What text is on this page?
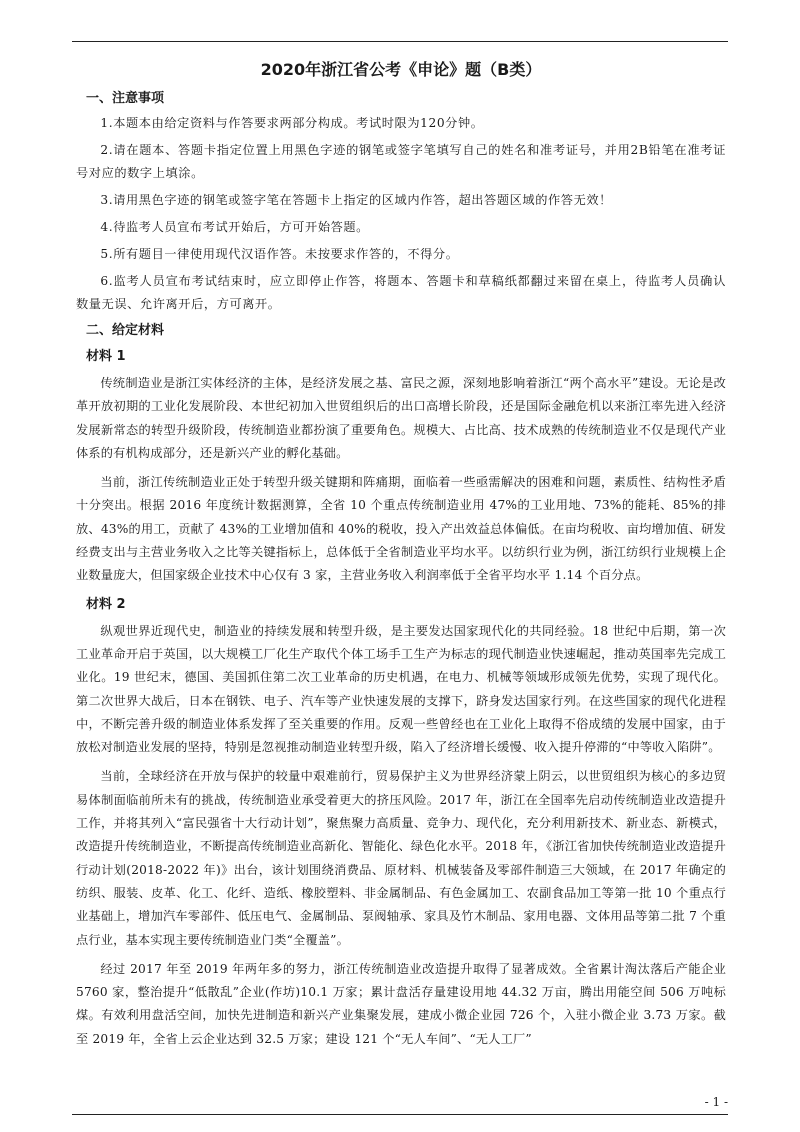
2020年浙江省公考《申论》题（B类）
一、注意事项

1.本题本由给定资料与作答要求两部分构成。考试时限为120分钟。

2.请在题本、答题卡指定位置上用黑色字迹的钢笔或签字笔填写自己的姓名和准考证号，并用2B铅笔在准考证号对应的数字上填涂。

3.请用黑色字迹的钢笔或签字笔在答题卡上指定的区域内作答，超出答题区域的作答无效！

4.待监考人员宣布考试开始后，方可开始答题。

5.所有题目一律使用现代汉语作答。未按要求作答的，不得分。

6.监考人员宣布考试结束时，应立即停止作答，将题本、答题卡和草稿纸都翻过来留在桌上，待监考人员确认数量无误、允许离开后，方可离开。

二、给定材料
材料 1

传统制造业是浙江实体经济的主体，是经济发展之基、富民之源，深刻地影响着浙江“两个高水平”建设。无论是改革开放初期的工业化发展阶段、本世纪初加入世贸组织后的出口高增长阶段，还是国际金融危机以来浙江率先进入经济发展新常态的转型升级阶段，传统制造业都扮演了重要角色。规模大、占比高、技术成熟的传统制造业不仅是现代产业体系的有机构成部分，还是新兴产业的孵化基础。

当前，浙江传统制造业正处于转型升级关键期和阵痛期，面临着一些亟需解决的困难和问题，素质性、结构性矛盾十分突出。根据 2016 年度统计数据测算，全省 10 个重点传统制造业用 47%的工业用地、73%的能耗、85%的排放、43%的用工，贡献了 43%的工业增加值和 40%的税收，投入产出效益总体偏低。在亩均税收、亩均增加值、研发经费支出与主营业务收入之比等关键指标上，总体低于全省制造业平均水平。以纺织行业为例，浙江纺织行业规模上企业数量庞大，但国家级企业技术中心仅有 3 家，主营业务收入利润率低于全省平均水平 1.14 个百分点。

材料 2

纵观世界近现代史，制造业的持续发展和转型升级，是主要发达国家现代化的共同经验。18 世纪中后期，第一次工业革命开启于英国，以大规模工厂化生产取代个体工场手工生产为标志的现代制造业快速崛起，推动英国率先完成工业化。19 世纪末，德国、美国抓住第二次工业革命的历史机遇，在电力、机械等领域形成领先优势，实现了现代化。第二次世界大战后，日本在钢铁、电子、汽车等产业快速发展的支撑下，跻身发达国家行列。在这些国家的现代化进程中，不断完善升级的制造业体系发挥了至关重要的作用。反观一些曾经也在工业化上取得不俗成绩的发展中国家，由于放松对制造业发展的坚持，特别是忽视推动制造业转型升级，陷入了经济增长缓慢、收入提升停滞的“中等收入陷阱”。

当前，全球经济在开放与保护的较量中艰难前行，贸易保护主义为世界经济蒙上阴云，以世贸组织为核心的多边贸易体制面临前所未有的挑战，传统制造业承受着更大的挤压风险。2017 年，浙江在全国率先启动传统制造业改造提升工作，并将其列入“富民强省十大行动计划”，聚焦聚力高质量、竞争力、现代化，充分利用新技术、新业态、新模式，改造提升传统制造业，不断提高传统制造业高新化、智能化、绿色化水平。2018 年，《浙江省加快传统制造业改造提升行动计划(2018-2022 年)》出台，该计划围绕消费品、原材料、机械装备及零部件制造三大领域，在 2017 年确定的纺织、服装、皮革、化工、化纤、造纸、橡胶塑料、非金属制品、有色金属加工、农副食品加工等第一批 10 个重点行业基础上，增加汽车零部件、低压电气、金属制品、泵阀轴承、家具及竹木制品、家用电器、文体用品等第二批 7 个重点行业，基本实现主要传统制造业门类“全覆盖”。

经过 2017 年至 2019 年两年多的努力，浙江传统制造业改造提升取得了显著成效。全省累计淘汰落后产能企业 5760 家，整治提升“低散乱”企业(作坊)10.1 万家；累计盘活存量建设用地 44.32 万亩，腾出用能空间 506 万吨标煤。有效利用盘活空间，加快先进制造和新兴产业集聚发展，建成小微企业园 726 个，入驻小微企业 3.73 万家。截至 2019 年，全省上云企业达到 32.5 万家；建设 121 个“无人车间”、“无人工厂”

- 1 -
